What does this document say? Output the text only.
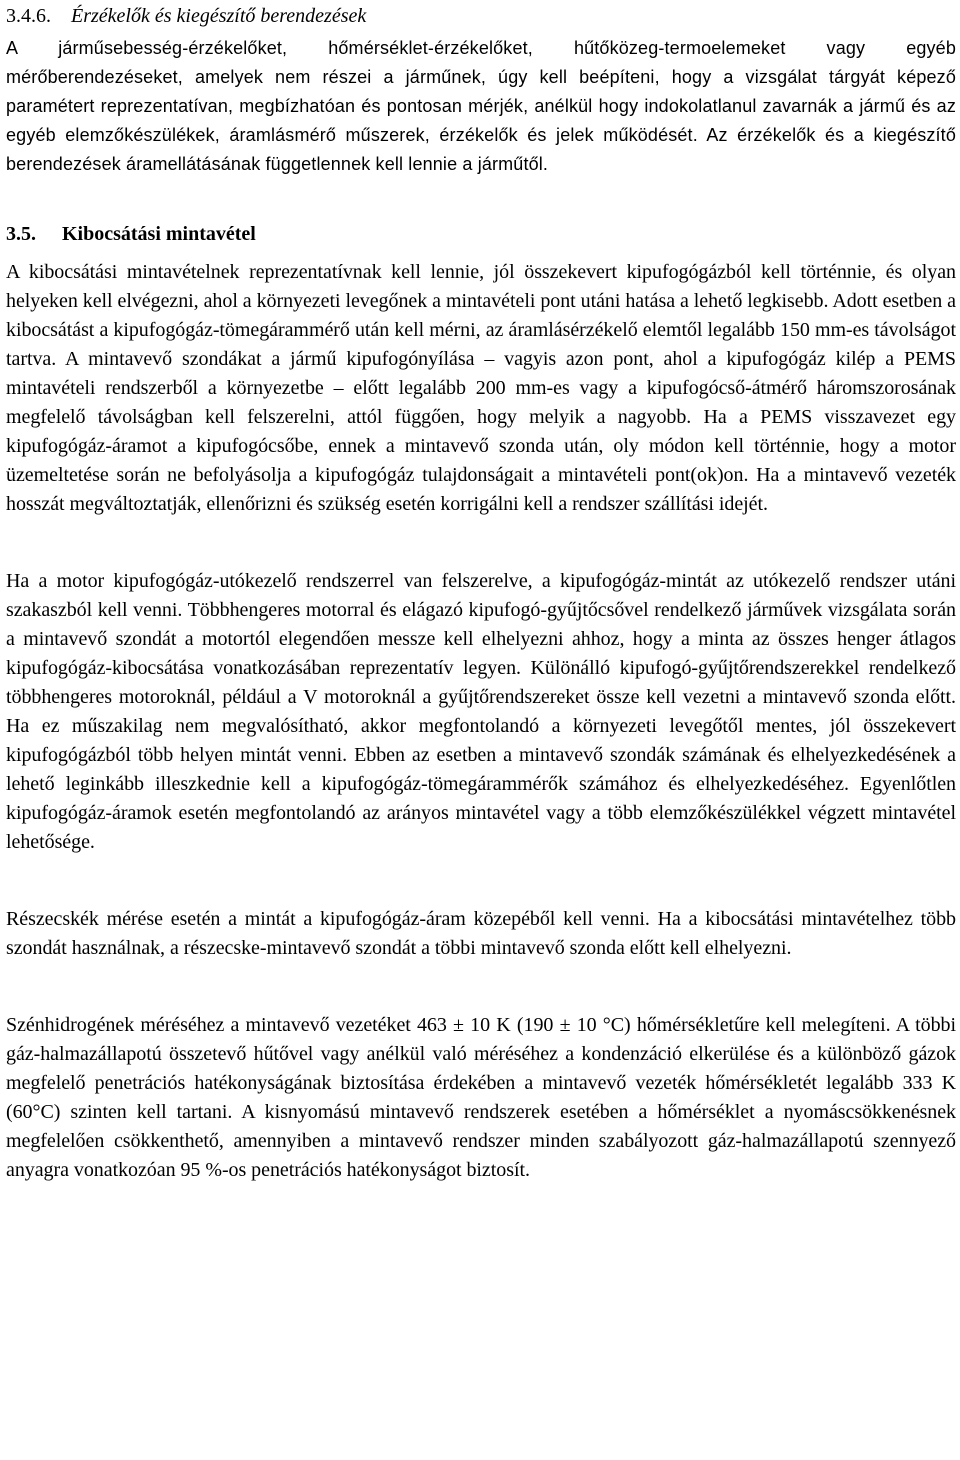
3.4.6. Érzékelők és kiegészítő berendezések

A járműsebesség-érzékelőket, hőmérséklet-érzékelőket, hűtőközeg-termoelemeket vagy egyéb mérőberendezéseket, amelyek nem részei a járműnek, úgy kell beépíteni, hogy a vizsgálat tárgyát képező paramétert reprezentatívan, megbízhatóan és pontosan mérjék, anélkül hogy indokolatlanul zavarnák a jármű és az egyéb elemzőkészülékek, áramlásmérő műszerek, érzékelők és jelek működését. Az érzékelők és a kiegészítő berendezések áramellátásának függetlennek kell lennie a járműtől.

3.5. Kibocsátási mintavétel

A kibocsátási mintavételnek reprezentatívnak kell lennie, jól összekevert kipufogógázból kell történnie, és olyan helyeken kell elvégezni, ahol a környezeti levegőnek a mintavételi pont utáni hatása a lehető legkisebb. Adott esetben a kibocsátást a kipufogógáz-tömegárammérő után kell mérni, az áramlásérzékelő elemtől legalább 150 mm-es távolságot tartva. A mintavevő szondákat a jármű kipufogónyílása – vagyis azon pont, ahol a kipufogógáz kilép a PEMS mintavételi rendszerből a környezetbe – előtt legalább 200 mm-es vagy a kipufogócső-átmérő háromszorosának megfelelő távolságban kell felszerelni, attól függően, hogy melyik a nagyobb. Ha a PEMS visszavezet egy kipufogógáz-áramot a kipufogócsőbe, ennek a mintavevő szonda után, oly módon kell történnie, hogy a motor üzemeltetése során ne befolyásolja a kipufogógáz tulajdonságait a mintavételi pont(ok)on. Ha a mintavevő vezeték hosszát megváltoztatják, ellenőrizni és szükség esetén korrigálni kell a rendszer szállítási idejét.

Ha a motor kipufogógáz-utókezelő rendszerrel van felszerelve, a kipufogógáz-mintát az utókezelő rendszer utáni szakaszból kell venni. Többhengeres motorral és elágazó kipufogó-gyűjtőcsővel rendelkező járművek vizsgálata során a mintavevő szondát a motortól elegendően messze kell elhelyezni ahhoz, hogy a minta az összes henger átlagos kipufogógáz-kibocsátása vonatkozásában reprezentatív legyen. Különálló kipufogó-gyűjtőrendszerekkel rendelkező többhengeres motoroknál, például a V motoroknál a gyűjtőrendszereket össze kell vezetni a mintavevő szonda előtt. Ha ez műszakilag nem megvalósítható, akkor megfontolandó a környezeti levegőtől mentes, jól összekevert kipufogógázból több helyen mintát venni. Ebben az esetben a mintavevő szondák számának és elhelyezkedésének a lehető leginkább illeszkednie kell a kipufogógáz-tömegárammérők számához és elhelyezkedéséhez. Egyenlőtlen kipufogógáz-áramok esetén megfontolandó az arányos mintavétel vagy a több elemzőkészülékkel végzett mintavétel lehetősége.

Részecskék mérése esetén a mintát a kipufogógáz-áram közepéből kell venni. Ha a kibocsátási mintavételhez több szondát használnak, a részecske-mintavevő szondát a többi mintavevő szonda előtt kell elhelyezni.

Szénhidrogének méréséhez a mintavevő vezetéket 463 ± 10 K (190 ± 10 °C) hőmérsékletűre kell melegíteni. A többi gáz-halmazállapotú összetevő hűtővel vagy anélkül való méréséhez a kondenzáció elkerülése és a különböző gázok megfelelő penetrációs hatékonyságának biztosítása érdekében a mintavevő vezeték hőmérsékletét legalább 333 K (60°C) szinten kell tartani. A kisnyomású mintavevő rendszerek esetében a hőmérséklet a nyomáscsökkenésnek megfelelően csökkenthető, amennyiben a mintavevő rendszer minden szabályozott gáz-halmazállapotú szennyező anyagra vonatkozóan 95 %-os penetrációs hatékonyságot biztosít.
